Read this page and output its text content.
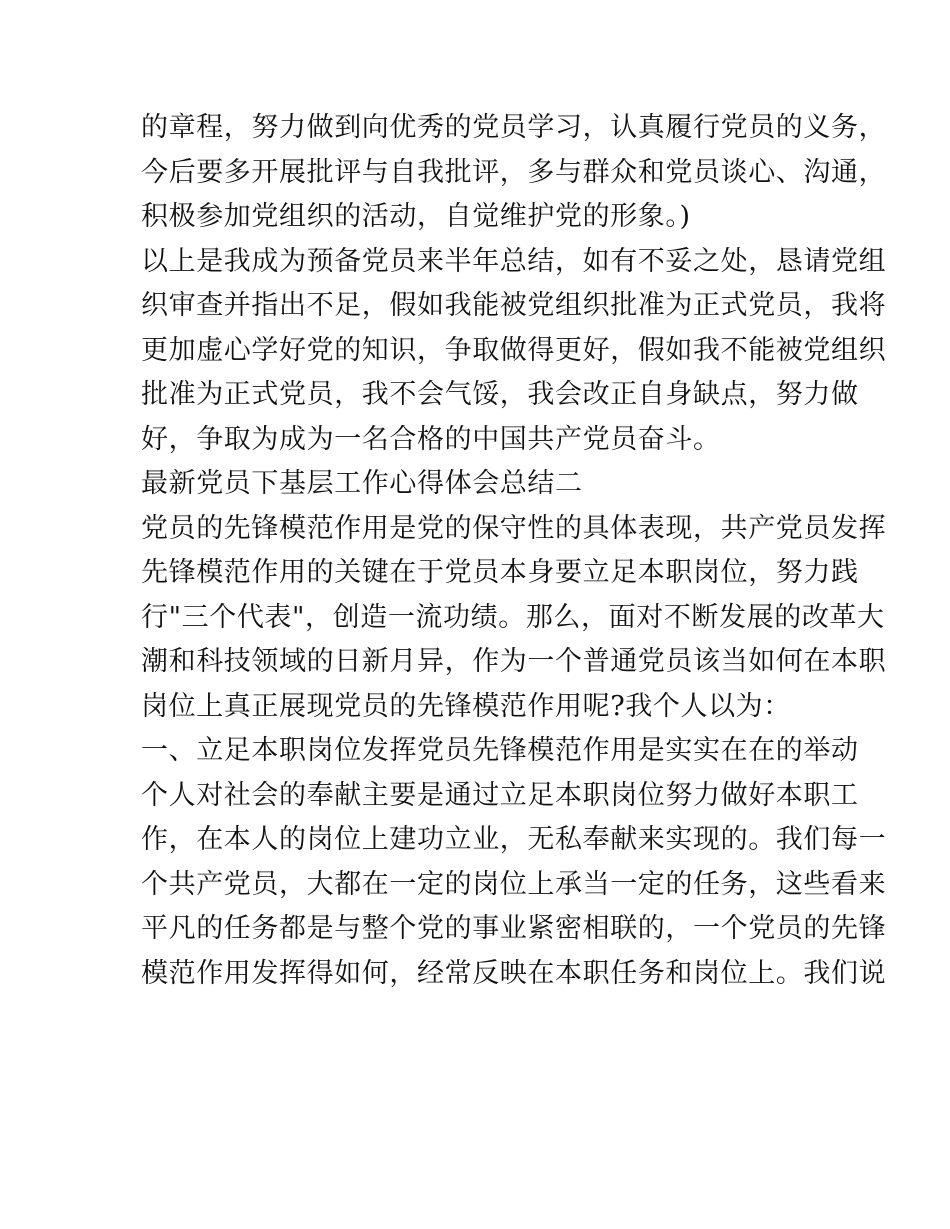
的章程，努力做到向优秀的党员学习，认真履行党员的义务，
今后要多开展批评与自我批评，多与群众和党员谈心、沟通，
积极参加党组织的活动，自觉维护党的形象。)
以上是我成为预备党员来半年总结，如有不妥之处，恳请党组
织审查并指出不足，假如我能被党组织批准为正式党员，我将
更加虚心学好党的知识，争取做得更好，假如我不能被党组织
批准为正式党员，我不会气馁，我会改正自身缺点，努力做
好，争取为成为一名合格的中国共产党员奋斗。
最新党员下基层工作心得体会总结二
党员的先锋模范作用是党的保守性的具体表现，共产党员发挥
先锋模范作用的关键在于党员本身要立足本职岗位，努力践
行"三个代表"，创造一流功绩。那么，面对不断发展的改革大
潮和科技领域的日新月异，作为一个普通党员该当如何在本职
岗位上真正展现党员的先锋模范作用呢?我个人以为：
一、立足本职岗位发挥党员先锋模范作用是实实在在的举动
个人对社会的奉献主要是通过立足本职岗位努力做好本职工
作，在本人的岗位上建功立业，无私奉献来实现的。我们每一
个共产党员，大都在一定的岗位上承当一定的任务，这些看来
平凡的任务都是与整个党的事业紧密相联的，一个党员的先锋
模范作用发挥得如何，经常反映在本职任务和岗位上。我们说
